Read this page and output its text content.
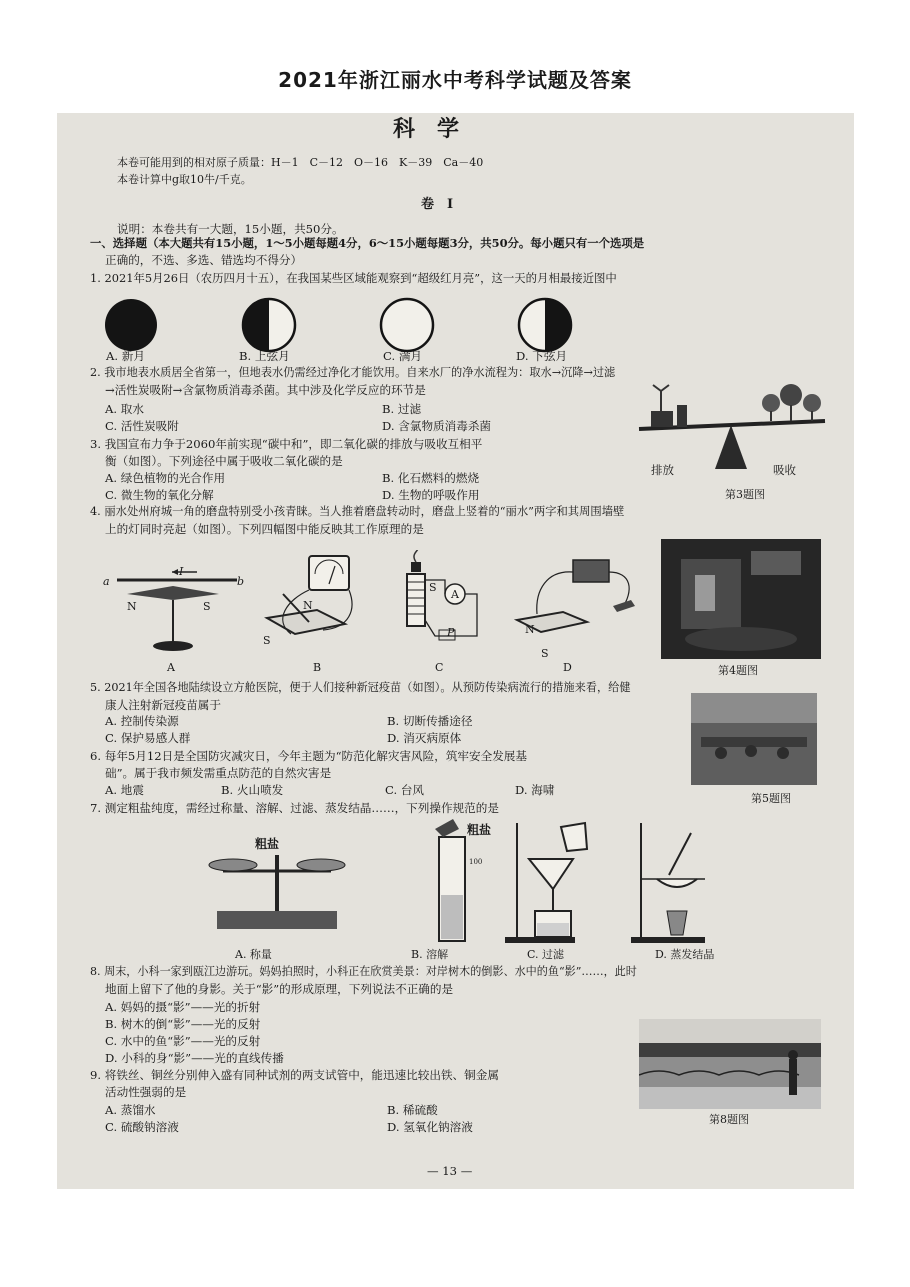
2021年浙江丽水中考科学试题及答案
科学
本卷可能用到的相对原子质量：H－1　C－12　O－16　K－39　Ca－40
本卷计算中g取10牛/千克。
卷　Ⅰ
说明：本卷共有一大题，15小题，共50分。
一、选择题（本大题共有15小题，1～5小题每题4分，6～15小题每题3分，共50分。每小题只有一个选项是
正确的，不选、多选、错选均不得分）
1. 2021年5月26日（农历四月十五），在我国某些区域能观察到“超级红月亮”，这一天的月相最接近图中
A. 新月	B. 上弦月	C. 满月	D. 下弦月
2. 我市地表水质居全省第一，但地表水仍需经过净化才能饮用。自来水厂的净水流程为：取水→沉降→过滤
→活性炭吸附→含氯物质消毒杀菌。其中涉及化学反应的环节是
A. 取水	B. 过滤
C. 活性炭吸附	D. 含氯物质消毒杀菌
3. 我国宣布力争于2060年前实现“碳中和”，即二氧化碳的排放与吸收互相平
衡（如图）。下列途径中属于吸收二氧化碳的是
A. 绿色植物的光合作用	B. 化石燃料的燃烧
C. 微生物的氧化分解	D. 生物的呼吸作用
排放	吸收
第3题图
4. 丽水处州府城一角的磨盘特别受小孩青睐。当人推着磨盘转动时，磨盘上竖着的“丽水”两字和其周围墙壁
上的灯同时亮起（如图）。下列四幅图中能反映其工作原理的是
a	b
I
N	S	N
S
S
A
P	N
S
A	B	C	D	第4题图
5. 2021年全国各地陆续设立方舱医院，便于人们接种新冠疫苗（如图）。从预防传染病流行的措施来看，给健
康人注射新冠疫苗属于
A. 控制传染源	B. 切断传播途径
C. 保护易感人群	D. 消灭病原体
第5题图
6. 每年5月12日是全国防灾减灾日，今年主题为“防范化解灾害风险，筑牢安全发展基
础”。属于我市频发需重点防范的自然灾害是
A. 地震	B. 火山喷发	C. 台风	D. 海啸
7. 测定粗盐纯度，需经过称量、溶解、过滤、蒸发结晶……，下列操作规范的是
粗盐
粗盐
100
A. 称量	B. 溶解	C. 过滤	D. 蒸发结晶
8. 周末，小科一家到瓯江边游玩。妈妈拍照时，小科正在欣赏美景：对岸树木的倒影、水中的鱼“影”……，此时
地面上留下了他的身影。关于“影”的形成原理，下列说法不正确的是
A. 妈妈的摄“影”——光的折射
B. 树木的倒“影”——光的反射
C. 水中的鱼“影”——光的反射
D. 小科的身“影”——光的直线传播
第8题图
9. 将铁丝、铜丝分别伸入盛有同种试剂的两支试管中，能迅速比较出铁、铜金属
活动性强弱的是
A. 蒸馏水	B. 稀硫酸
C. 硫酸钠溶液	D. 氢氧化钠溶液
— 13 —
